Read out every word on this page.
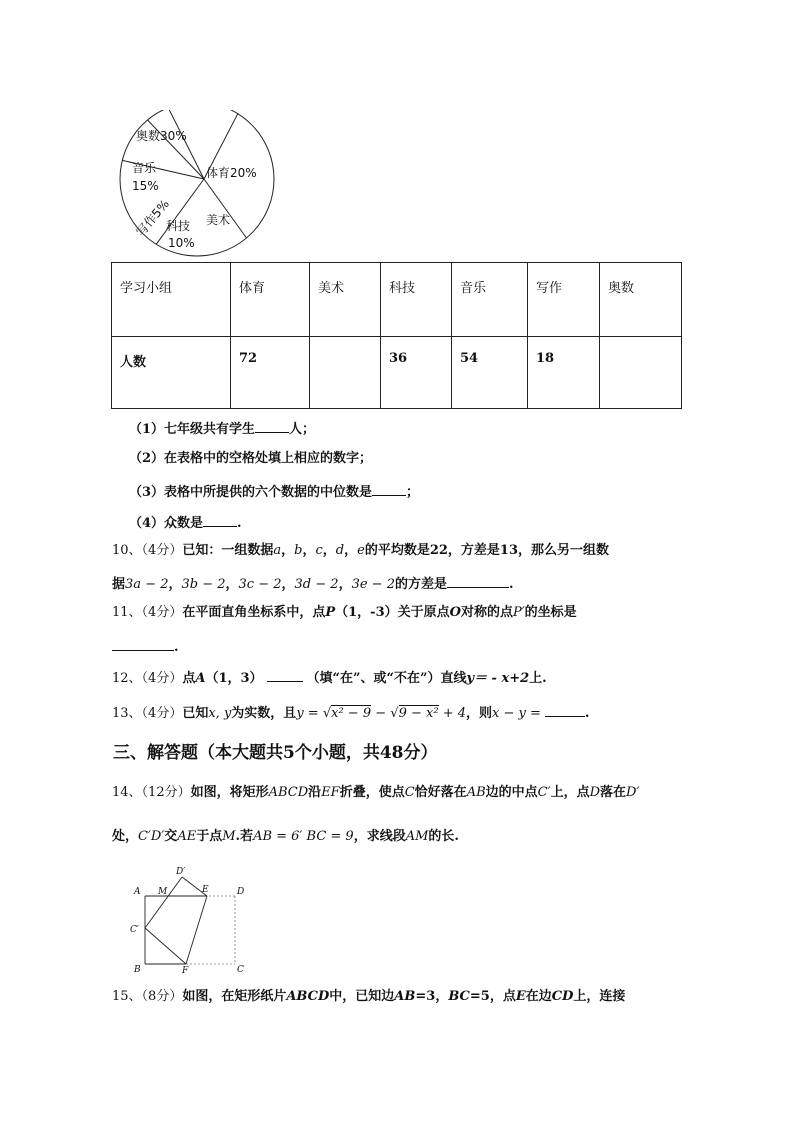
奥数30%
体育20%
音乐
15%
写作5%
科技
10%
美术
学习小组	体育	美术	科技	音乐	写作	奥数
人数	72		36	54	18	
（1）七年级共有学生	人；
（2）在表格中的空格处填上相应的数字；
（3）表格中所提供的六个数据的中位数是	；
（4）众数是	.
10、（4分）已知：一组数据a，b，c，d，e的平均数是22，方差是13，那么另一组数
据3a − 2，3b − 2，3c − 2，3d − 2，3e − 2的方差是	.
11、（4分）在平面直角坐标系中，点P（1，-3）关于原点O对称的点P′的坐标是
.
12、（4分）点A（1，3）	（填“在”、或“不在”）直线y＝ - x+2上.
13、（4分）已知x, y为实数，且y = √x² − 9 − √9 − x² + 4，则x − y =	.
三、解答题（本大题共5个小题，共48分）
14、（12分）如图，将矩形ABCD沿EF折叠，使点C恰好落在AB边的中点C′上，点D落在D′
处，C′D′交AE于点M.若AB = 6′ BC = 9，求线段AM的长.
A M
D′
E	D
C′
B	F	C
15、（8分）如图，在矩形纸片ABCD中，已知边AB=3，BC=5，点E在边CD上，连接
